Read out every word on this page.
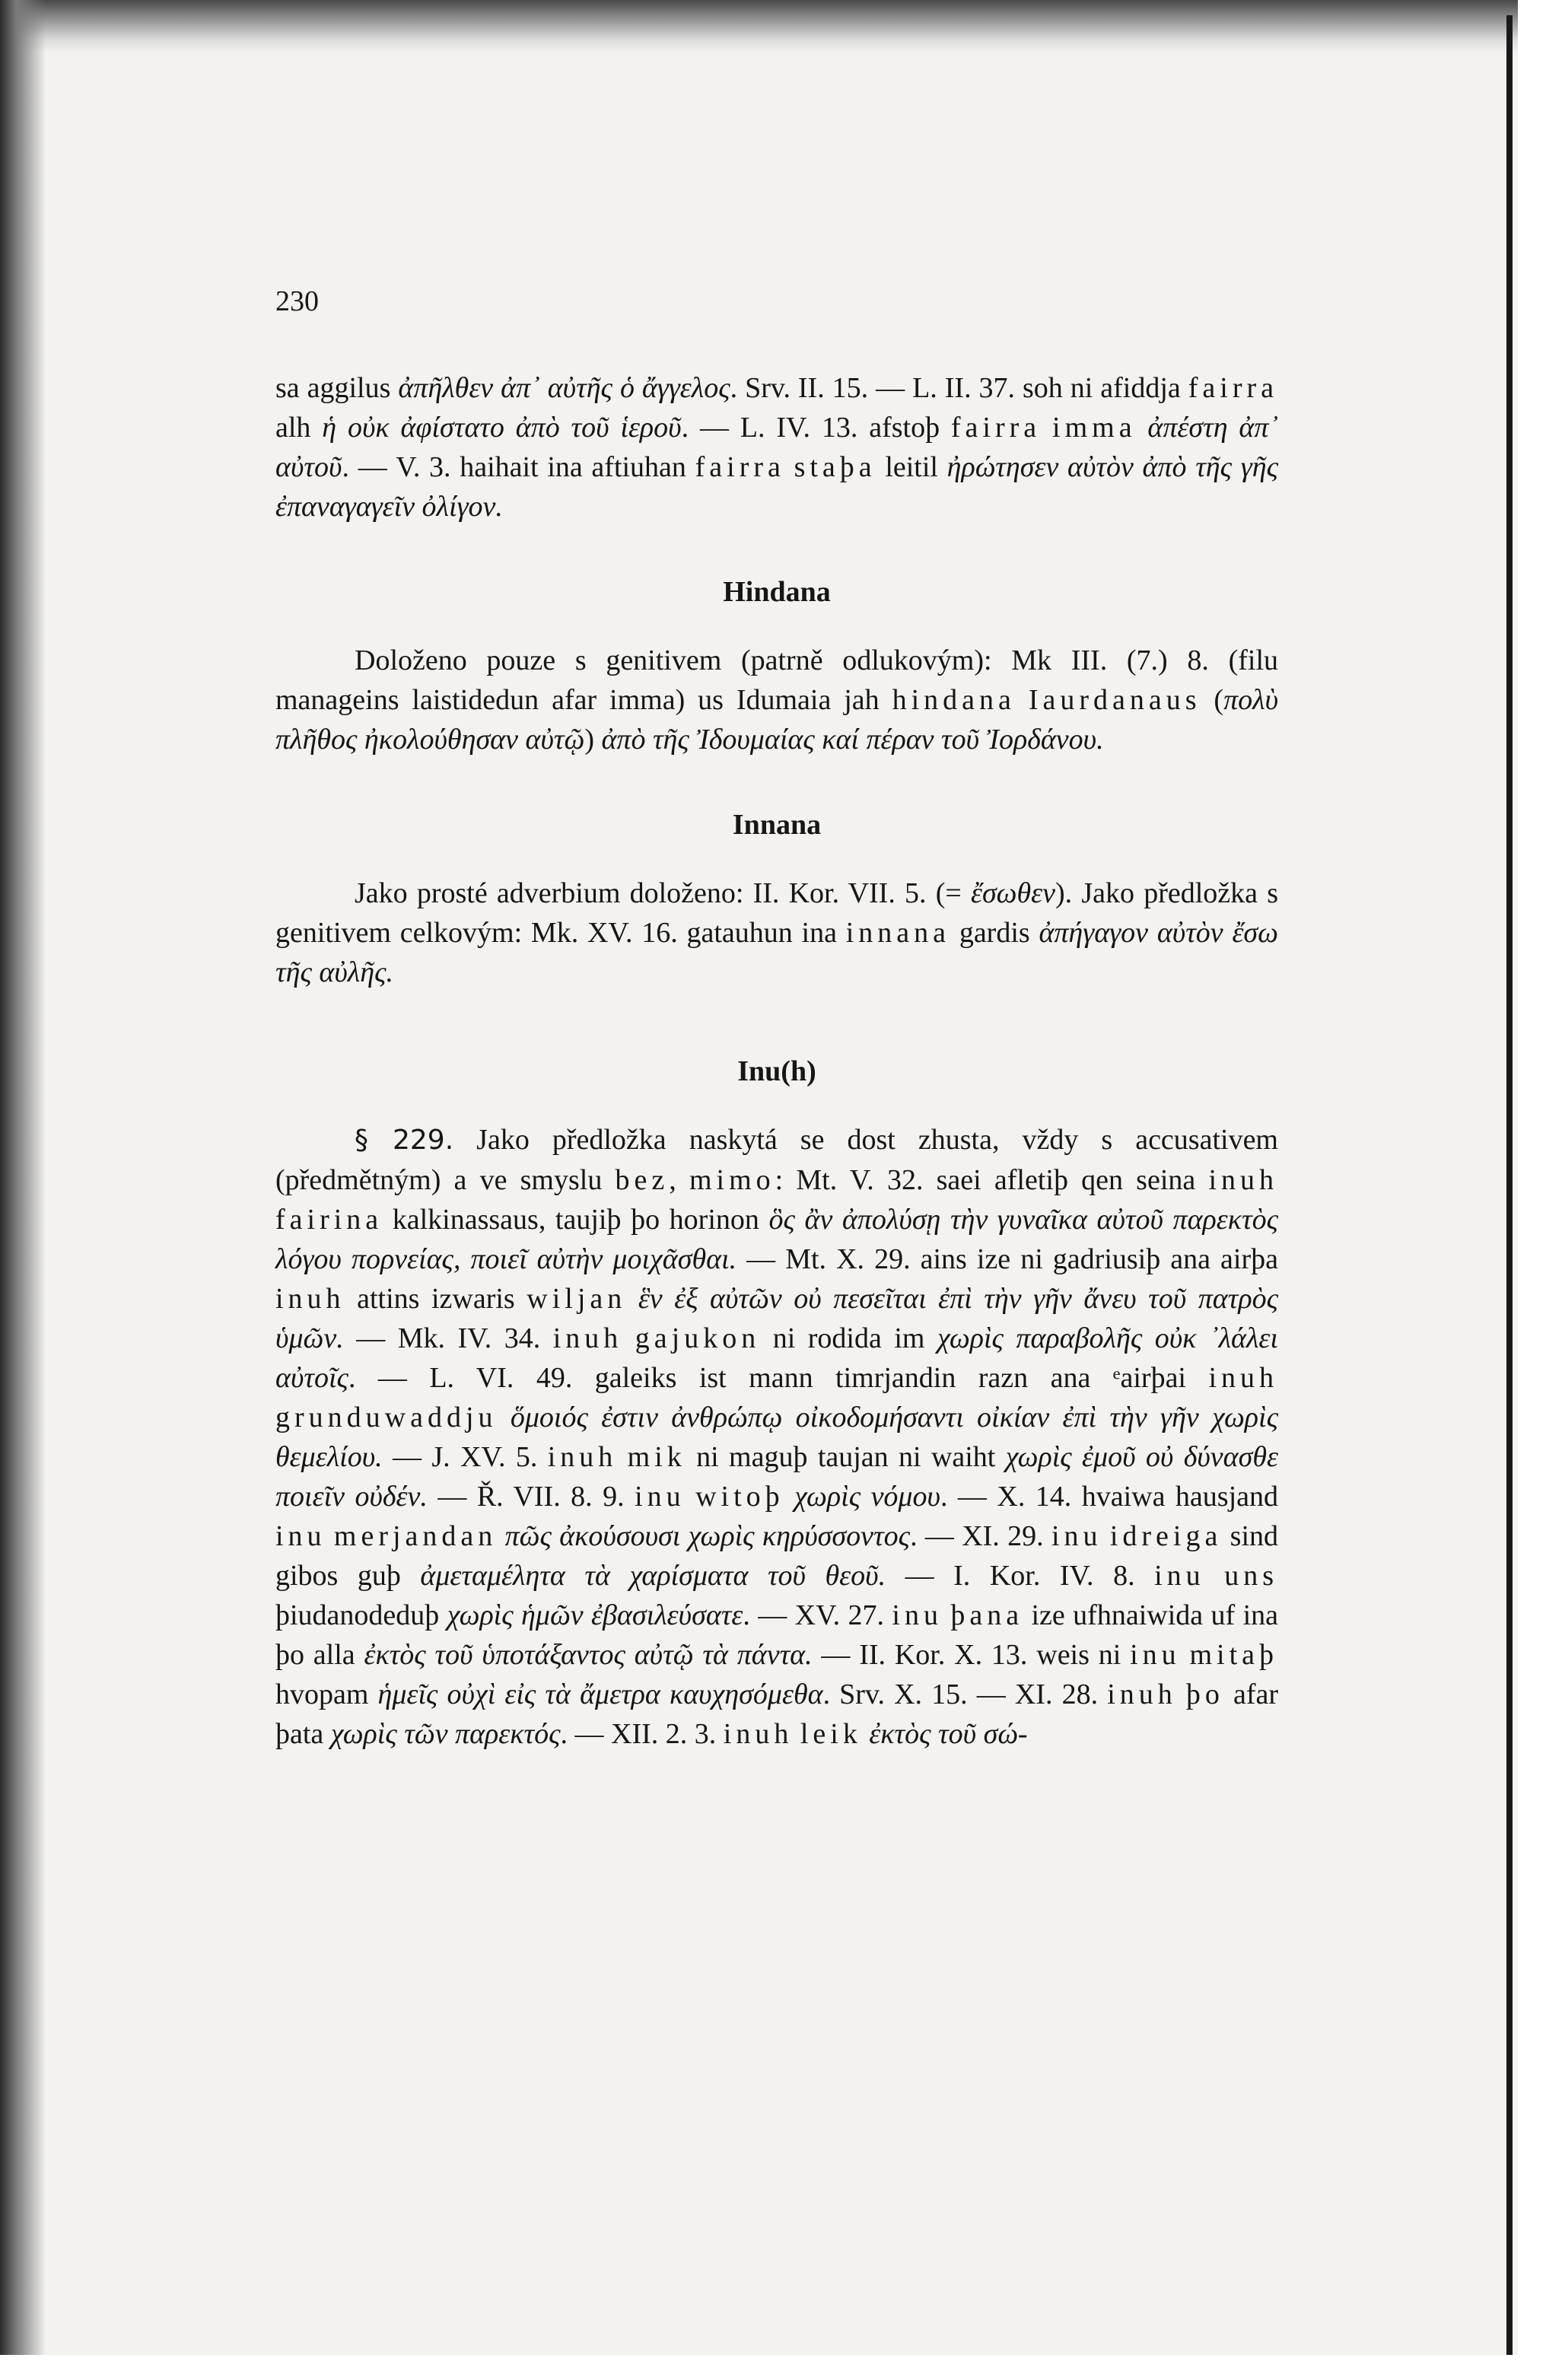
230

sa aggilus ἀπῆλθεν ἀπ᾽ αὐτῆς ὁ ἄγγελος. Srv. II. 15. — L. II. 37. soh ni afiddja fairra alh ἡ οὐκ ἀφίστατο ἀπὸ τοῦ ἱεροῦ. — L. IV. 13. afstoþ fairra imma ἀπέστη ἀπ᾽ αὐτοῦ. — V. 3. haihait ina aftiuhan fairra staþa leitil ἠρώτησεν αὐτὸν ἀπὸ τῆς γῆς ἐπαναγαγεῖν ὀλίγον.

Hindana

Doloženo pouze s genitivem (patrně odlukovým): Mk III. (7.) 8. (filu manageins laistidedun afar imma) us Idumaia jah hindana Iaurdanaus (πολὺ πλῆθος ἠκολούθησαν αὐτῷ) ἀπὸ τῆς Ἰδουμαίας καί πέραν τοῦ Ἰορδάνου.

Innana

Jako prosté adverbium doloženo: II. Kor. VII. 5. (= ἔσωθεν). Jako předložka s genitivem celkovým: Mk. XV. 16. gatauhun ina innana gardis ἀπήγαγον αὐτὸν ἔσω τῆς αὐλῆς.

Inu(h)

§ 229. Jako předložka naskytá se dost zhusta, vždy s accusativem (předmětným) a ve smyslu bez, mimo: Mt. V. 32. saei afletiþ qen seina inuh fairina kalkinassaus, taujiþ þo horinon ὃς ἂν ἀπολύσῃ τὴν γυναῖκα αὐτοῦ παρεκτὸς λόγου πορνείας, ποιεῖ αὐτὴν μοιχᾶσθαι. — Mt. X. 29. ains ize ni gadriusiþ ana airþa inuh attins izwaris wiljan ἓν ἐξ αὐτῶν οὐ πεσεῖται ἐπὶ τὴν γῆν ἄνευ τοῦ πατρὸς ὑμῶν. — Mk. IV. 34. inuh gajukon ni rodida im χωρὶς παραβολῆς οὐκ ᾽λάλει αὐτοῖς. — L. VI. 49. galeiks ist mann timrjandin razn ana ᵉairþai inuh grunduwaddju ὅμοιός ἐστιν ἀνθρώπῳ οἰκοδομήσαντι οἰκίαν ἐπὶ τὴν γῆν χωρὶς θεμελίου. — J. XV. 5. inuh mik ni maguþ taujan ni waiht χωρὶς ἐμοῦ οὐ δύνασθε ποιεῖν οὐδέν. — Ř. VII. 8. 9. inu witoþ χωρὶς νόμου. — X. 14. hvaiwa hausjand inu merjandan πῶς ἀκούσουσι χωρὶς κηρύσσοντος. — XI. 29. inu idreiga sind gibos guþ ἀμεταμέλητα τὰ χαρίσματα τοῦ θεοῦ. — I. Kor. IV. 8. inu uns þiudanodeduþ χωρὶς ἡμῶν ἐβασιλεύσατε. — XV. 27. inu þana ize ufhnaiwida uf ina þo alla ἐκτὸς τοῦ ὑποτάξαντος αὐτῷ τὰ πάντα. — II. Kor. X. 13. weis ni inu mitaþ hvopam ἡμεῖς οὐχὶ εἰς τὰ ἄμετρα καυχησόμεθα. Srv. X. 15. — XI. 28. inuh þo afar þata χωρὶς τῶν παρεκτός. — XII. 2. 3. inuh leik ἐκτὸς τοῦ σώ-
